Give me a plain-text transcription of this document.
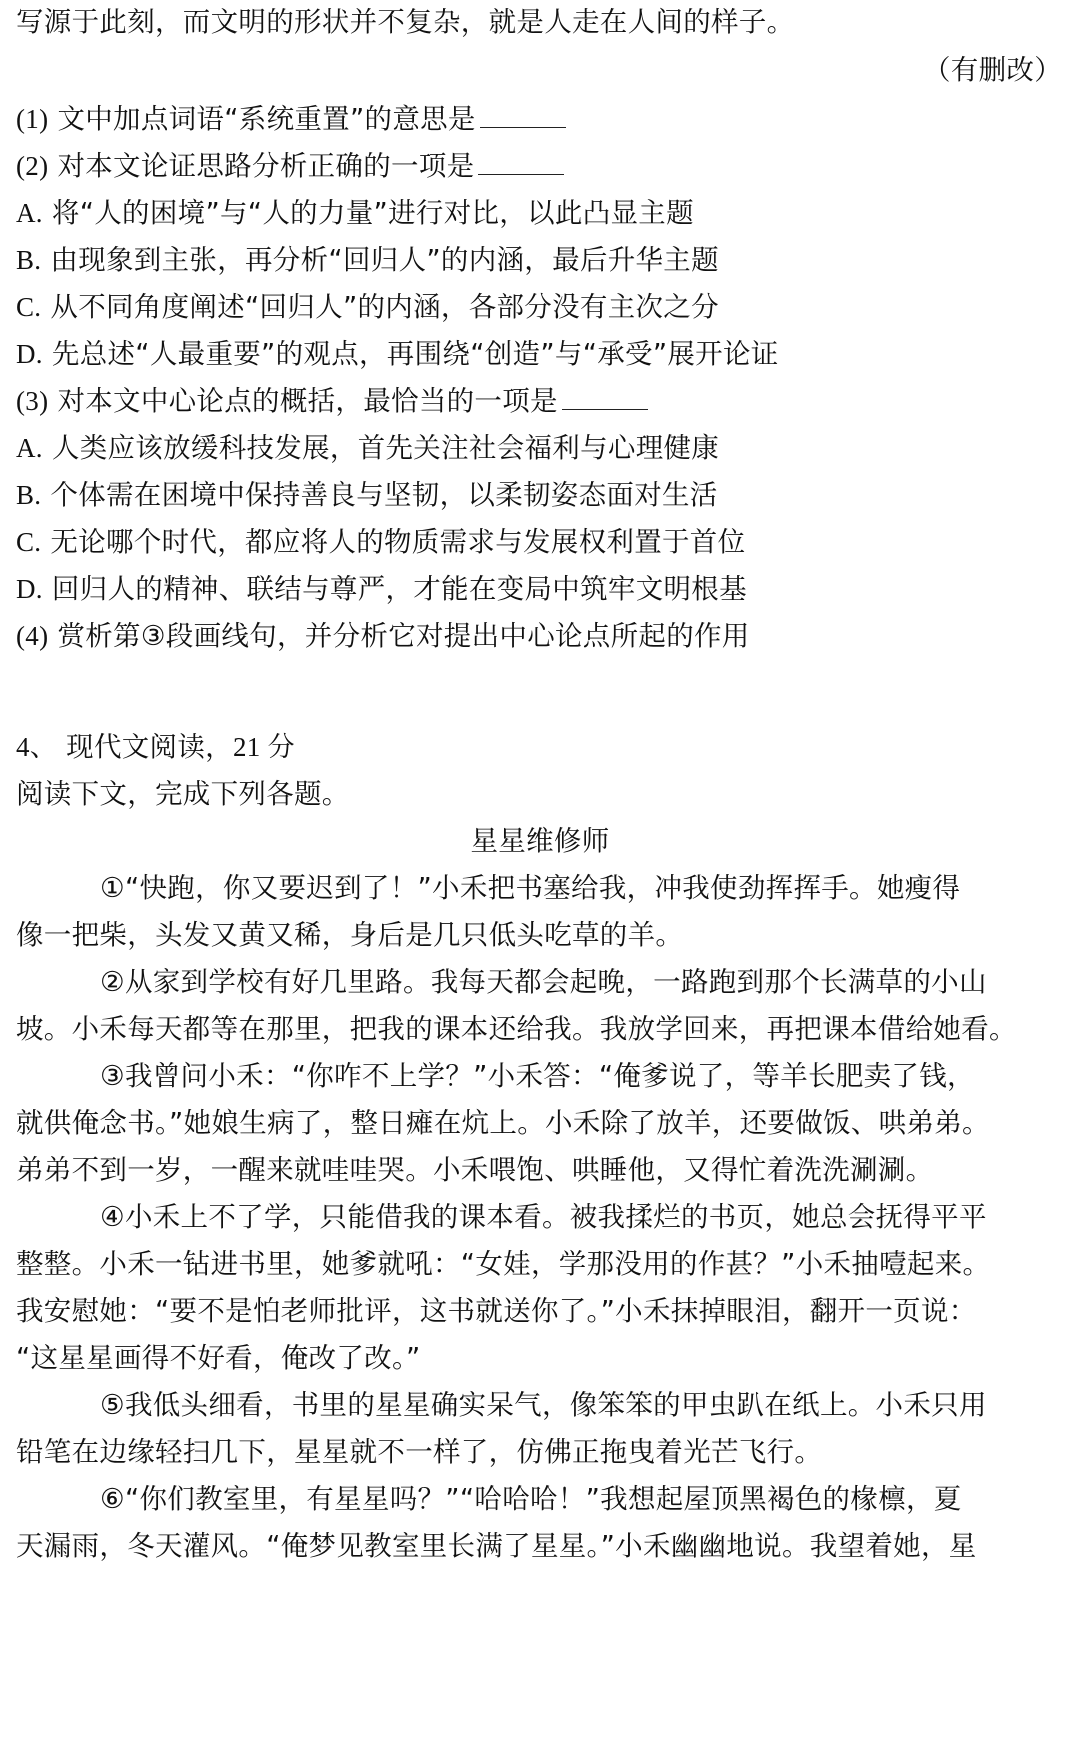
写源于此刻，而文明的形状并不复杂，就是人走在人间的样子。
（有删改）
(1) 文中加点词语“系统重置”的意思是
(2) 对本文论证思路分析正确的一项是
A. 将“人的困境”与“人的力量”进行对比，以此凸显主题
B. 由现象到主张，再分析“回归人”的内涵，最后升华主题
C. 从不同角度阐述“回归人”的内涵，各部分没有主次之分
D. 先总述“人最重要”的观点，再围绕“创造”与“承受”展开论证
(3) 对本文中心论点的概括，最恰当的一项是
A. 人类应该放缓科技发展，首先关注社会福利与心理健康
B. 个体需在困境中保持善良与坚韧，以柔韧姿态面对生活
C. 无论哪个时代，都应将人的物质需求与发展权利置于首位
D. 回归人的精神、联结与尊严，才能在变局中筑牢文明根基
(4) 赏析第③段画线句，并分析它对提出中心论点所起的作用
4、 现代文阅读，21 分
阅读下文，完成下列各题。
星星维修师
①“快跑，你又要迟到了！”小禾把书塞给我，冲我使劲挥挥手。她瘦得
像一把柴，头发又黄又稀，身后是几只低头吃草的羊。
②从家到学校有好几里路。我每天都会起晚，一路跑到那个长满草的小山
坡。小禾每天都等在那里，把我的课本还给我。我放学回来，再把课本借给她看。
③我曾问小禾：“你咋不上学？”小禾答：“俺爹说了，等羊长肥卖了钱，
就供俺念书。”她娘生病了，整日瘫在炕上。小禾除了放羊，还要做饭、哄弟弟。
弟弟不到一岁，一醒来就哇哇哭。小禾喂饱、哄睡他，又得忙着洗洗涮涮。
④小禾上不了学，只能借我的课本看。被我揉烂的书页，她总会抚得平平
整整。小禾一钻进书里，她爹就吼：“女娃，学那没用的作甚？”小禾抽噎起来。
我安慰她：“要不是怕老师批评，这书就送你了。”小禾抹掉眼泪，翻开一页说：
“这星星画得不好看，俺改了改。”
⑤我低头细看，书里的星星确实呆气，像笨笨的甲虫趴在纸上。小禾只用
铅笔在边缘轻扫几下，星星就不一样了，仿佛正拖曳着光芒飞行。
⑥“你们教室里，有星星吗？”“哈哈哈！”我想起屋顶黑褐色的椽檩，夏
天漏雨，冬天灌风。“俺梦见教室里长满了星星。”小禾幽幽地说。我望着她，星
